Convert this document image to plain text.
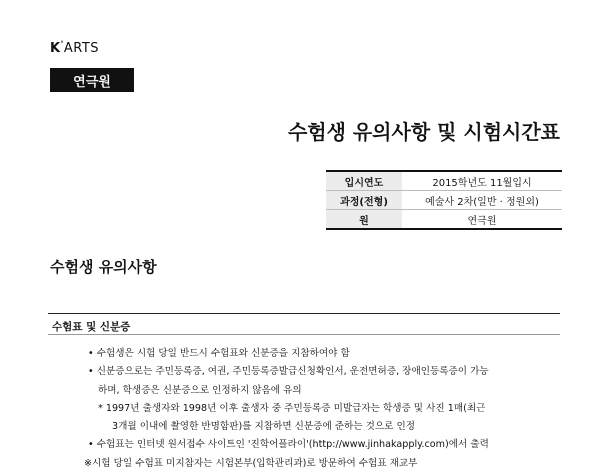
K'ARTS
연극원
수험생 유의사항 및 시험시간표
입시연도	2015학년도 11월입시
과정(전형)	예술사 2차(일반 · 정원외)
원	연극원
수험생 유의사항
수험표 및 신분증
• 수험생은 시험 당일 반드시 수험표와 신분증을 지참하여야 함
• 신분증으로는 주민등록증, 여권, 주민등록증발급신청확인서, 운전면허증, 장애인등록증이 가능
하며, 학생증은 신분증으로 인정하지 않음에 유의
* 1997년 출생자와 1998년 이후 출생자 중 주민등록증 미발급자는 학생증 및 사진 1매(최근
3개월 이내에 촬영한 반명함판)를 지참하면 신분증에 준하는 것으로 인정
• 수험표는 인터넷 원서접수 사이트인 '진학어플라이'(http://www.jinhakapply.com)에서 출력
※시험 당일 수험표 미지참자는 시험본부(입학관리과)로 방문하여 수험표 재교부
